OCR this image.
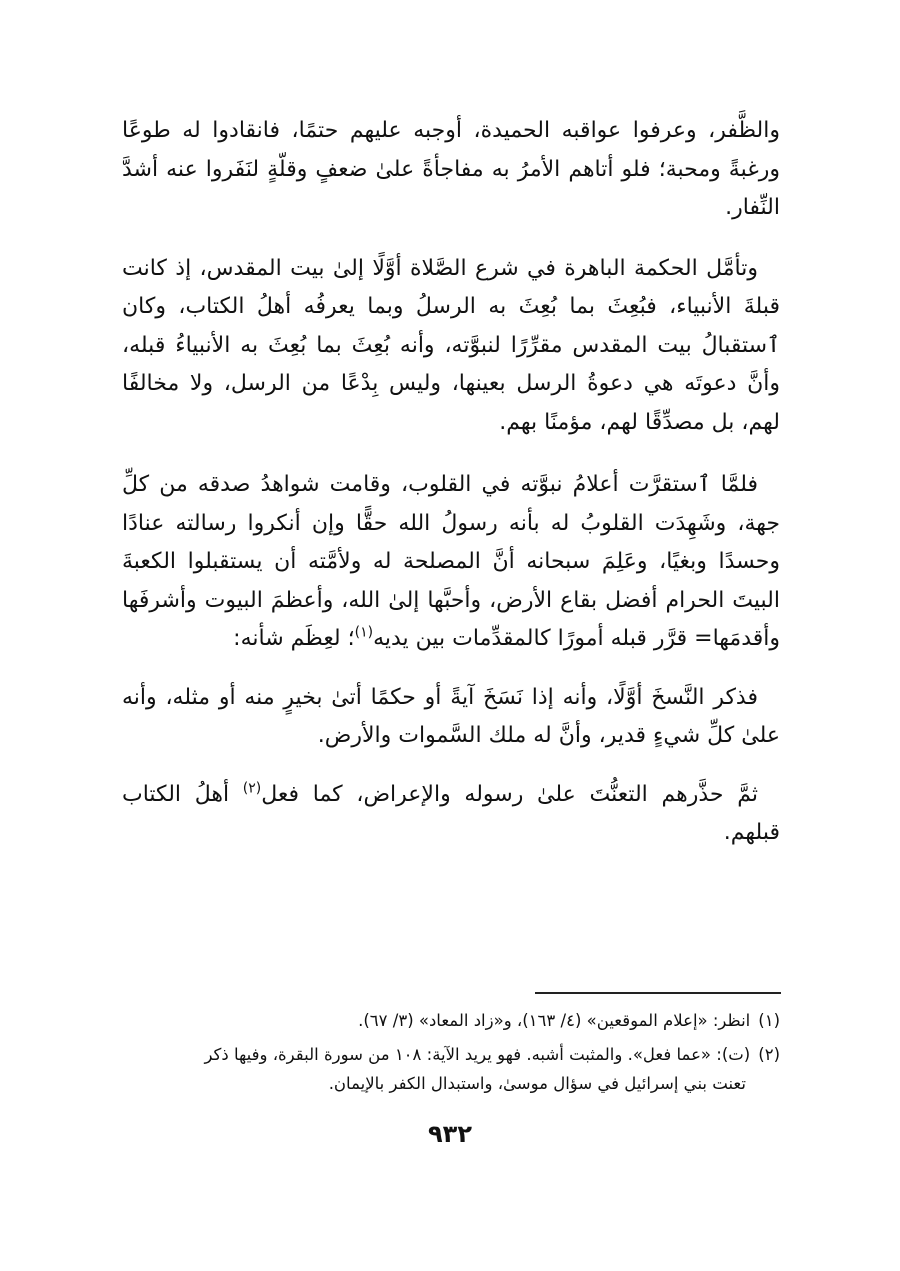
والظَّفر، وعرفوا عواقبه الحميدة، أوجبه عليهم حتمًا، فانقادوا له طوعًا ورغبةً ومحبة؛ فلو أتاهم الأمرُ به مفاجأةً علىٰ ضعفٍ وقلّةٍ لنَفَروا عنه أشدَّ النِّفار.

وتأمَّل الحكمة الباهرة في شرع الصَّلاة أوَّلًا إلىٰ بيت المقدس، إذ كانت قبلةَ الأنبياء، فبُعِثَ بما بُعِثَ به الرسلُ وبما يعرفُه أهلُ الكتاب، وكان ٱستقبالُ بيت المقدس مقرِّرًا لنبوَّته، وأنه بُعِثَ بما بُعِثَ به الأنبياءُ قبله، وأنَّ دعوتَه هي دعوةُ الرسل بعينها، وليس بِدْعًا من الرسل، ولا مخالفًا لهم، بل مصدِّقًا لهم، مؤمنًا بهم.

فلمَّا ٱستقرَّت أعلامُ نبوَّته في القلوب، وقامت شواهدُ صدقه من كلِّ جهة، وشَهِدَت القلوبُ له بأنه رسولُ الله حقًّا وإن أنكروا رسالته عنادًا وحسدًا وبغيًا، وعَلِمَ سبحانه أنَّ المصلحة له ولأمَّته أن يستقبلوا الكعبةَ البيتَ الحرام أفضل بقاع الأرض، وأحبَّها إلىٰ الله، وأعظمَ البيوت وأشرفَها وأقدمَها= قرَّر قبله أمورًا كالمقدِّمات بين يديه$^{(١)}$؛ لعِظَم شأنه:

فذكر النَّسخَ أوَّلًا، وأنه إذا نَسَخَ آيةً أو حكمًا أتىٰ بخيرٍ منه أو مثله، وأنه علىٰ كلِّ شيءٍ قدير، وأنَّ له ملك السَّموات والأرض.

ثمَّ حذَّرهم التعنُّتَ علىٰ رسوله والإعراض، كما فعل$^{(٢)}$ أهلُ الكتاب قبلهم.

(١)انظر: «إعلام الموقعين» (٤/ ١٦٣)، و«زاد المعاد» (٣/ ٦٧).

(٢)(ت): «عما فعل». والمثبت أشبه. فهو يريد الآية: ١٠٨ من سورة البقرة، وفيها ذكر
تعنت بني إسرائيل في سؤال موسىٰ، واستبدال الكفر بالإيمان.

٩٣٢
